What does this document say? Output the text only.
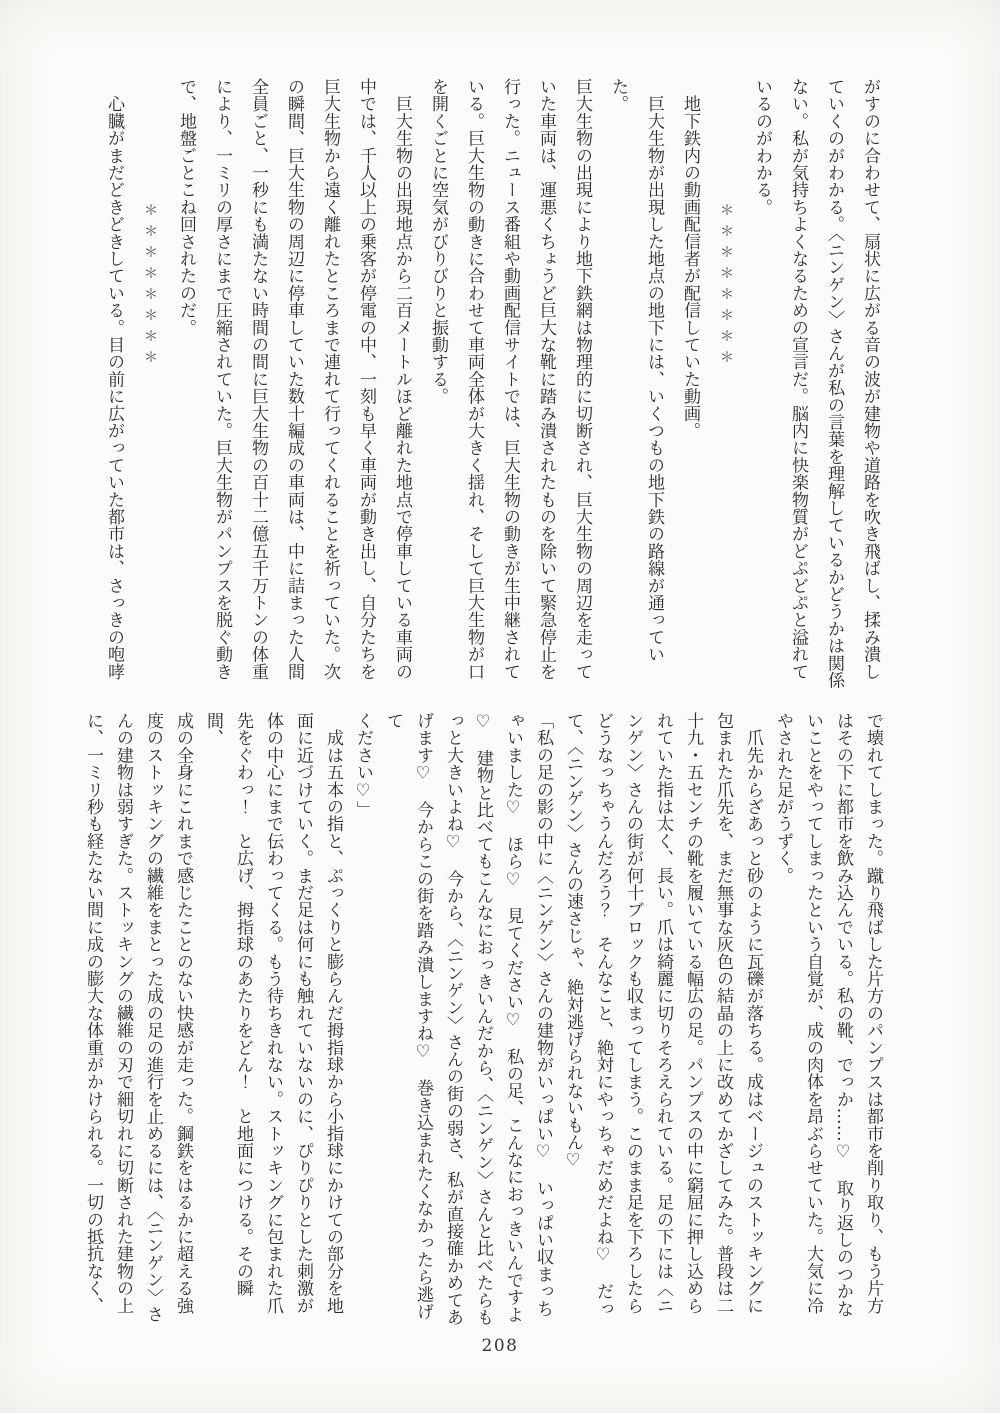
がすのに合わせて、扇状に広がる音の波が建物や道路を吹き飛ばし、揉み潰し

ていくのがわかる。〈ニンゲン〉さんが私の言葉を理解しているかどうかは関係

ない。私が気持ちよくなるための宣言だ。脳内に快楽物質がどぷどぷと溢れて

いるのがわかる。

＊＊＊＊＊＊＊＊

　地下鉄内の動画配信者が配信していた動画。

　巨大生物が出現した地点の地下には、いくつもの地下鉄の路線が通っていた。

巨大生物の出現により地下鉄網は物理的に切断され、巨大生物の周辺を走って

いた車両は、運悪くちょうど巨大な靴に踏み潰されたものを除いて緊急停止を

行った。ニュース番組や動画配信サイトでは、巨大生物の動きが生中継されて

いる。巨大生物の動きに合わせて車両全体が大きく揺れ、そして巨大生物が口

を開くごとに空気がびりびりと振動する。

　巨大生物の出現地点から二百メートルほど離れた地点で停車している車両の

中では、千人以上の乗客が停電の中、一刻も早く車両が動き出し、自分たちを

巨大生物から遠く離れたところまで連れて行ってくれることを祈っていた。次

の瞬間、巨大生物の周辺に停車していた数十編成の車両は、中に詰まった人間

全員ごと、一秒にも満たない時間の間に巨大生物の百十二億五千万トンの体重

により、一ミリの厚さにまで圧縮されていた。巨大生物がパンプスを脱ぐ動き

で、地盤ごとこね回されたのだ。

＊＊＊＊＊＊＊＊

　心臓がまだどきどきしている。目の前に広がっていた都市は、さっきの咆哮

で壊れてしまった。蹴り飛ばした片方のパンプスは都市を削り取り、もう片方

はその下に都市を飲み込んでいる。私の靴、でっか……♡　取り返しのつかな

いことをやってしまったという自覚が、成の肉体を昂ぶらせていた。大気に冷

やされた足がうずく。

　爪先からざあっと砂のように瓦礫が落ちる。成はベージュのストッキングに

包まれた爪先を、まだ無事な灰色の結晶の上に改めてかざしてみた。普段は二

十九・五センチの靴を履いている幅広の足。パンプスの中に窮屈に押し込めら

れていた指は太く、長い。爪は綺麗に切りそろえられている。足の下には〈ニ

ンゲン〉さんの街が何十ブロックも収まってしまう。このまま足を下ろしたら

どうなっちゃうんだろう？　そんなこと、絶対にやっちゃだめだよね♡　だっ

て、〈ニンゲン〉さんの速さじゃ、絶対逃げられないもん♡

「私の足の影の中に〈ニンゲン〉さんの建物がいっぱい♡　いっぱい収まっち

ゃいました♡　ほら♡　見てください♡　私の足、こんなにおっきいんですよ

♡　建物と比べてもこんなにおっきいんだから、〈ニンゲン〉さんと比べたらも

っと大きいよね♡　今から、〈ニンゲン〉さんの街の弱さ、私が直接確かめてあ

げます♡　今からこの街を踏み潰しますね♡　巻き込まれたくなかったら逃げて

ください♡」

　成は五本の指と、ぷっくりと膨らんだ拇指球から小指球にかけての部分を地

面に近づけていく。まだ足は何にも触れていないのに、ぴりぴりとした刺激が

体の中心にまで伝わってくる。もう待ちきれない。ストッキングに包まれた爪

先をぐわっ！　と広げ、拇指球のあたりをどん！　と地面につける。その瞬間、

成の全身にこれまで感じたことのない快感が走った。鋼鉄をはるかに超える強

度のストッキングの繊維をまとった成の足の進行を止めるには、〈ニンゲン〉さ

んの建物は弱すぎた。ストッキングの繊維の刃で細切れに切断された建物の上

に、一ミリ秒も経たない間に成の膨大な体重がかけられる。一切の抵抗なく、

208
